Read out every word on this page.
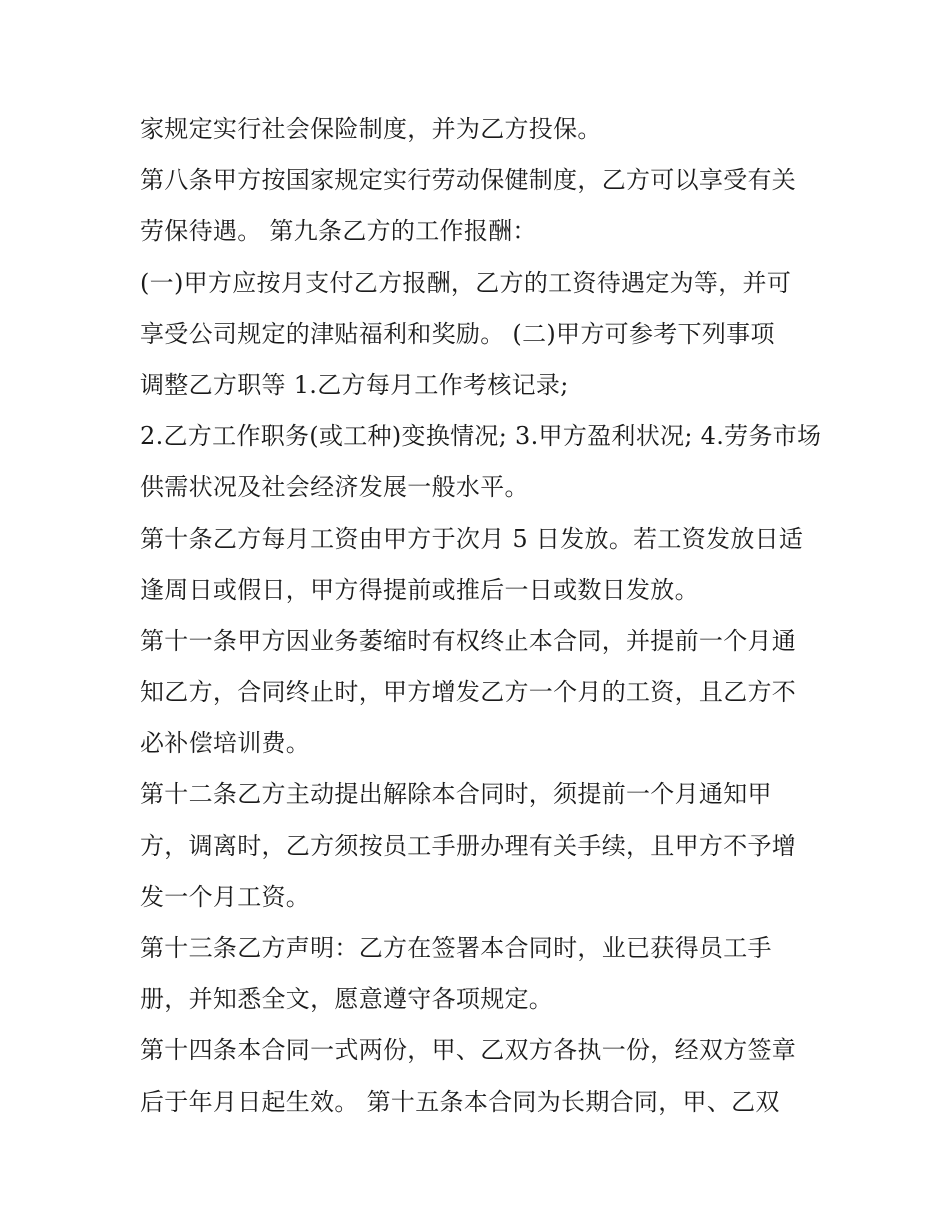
家规定实行社会保险制度，并为乙方投保。
第八条甲方按国家规定实行劳动保健制度，乙方可以享受有关
劳保待遇。 第九条乙方的工作报酬：
(一)甲方应按月支付乙方报酬，乙方的工资待遇定为等，并可
享受公司规定的津贴福利和奖励。 (二)甲方可参考下列事项
调整乙方职等 1.乙方每月工作考核记录;
2.乙方工作职务(或工种)变换情况; 3.甲方盈利状况; 4.劳务市场
供需状况及社会经济发展一般水平。
第十条乙方每月工资由甲方于次月 5 日发放。若工资发放日适
逢周日或假日，甲方得提前或推后一日或数日发放。
第十一条甲方因业务萎缩时有权终止本合同，并提前一个月通
知乙方，合同终止时，甲方增发乙方一个月的工资，且乙方不
必补偿培训费。
第十二条乙方主动提出解除本合同时，须提前一个月通知甲
方，调离时，乙方须按员工手册办理有关手续，且甲方不予增
发一个月工资。
第十三条乙方声明：乙方在签署本合同时，业已获得员工手
册，并知悉全文，愿意遵守各项规定。
第十四条本合同一式两份，甲、乙双方各执一份，经双方签章
后于年月日起生效。 第十五条本合同为长期合同，甲、乙双
